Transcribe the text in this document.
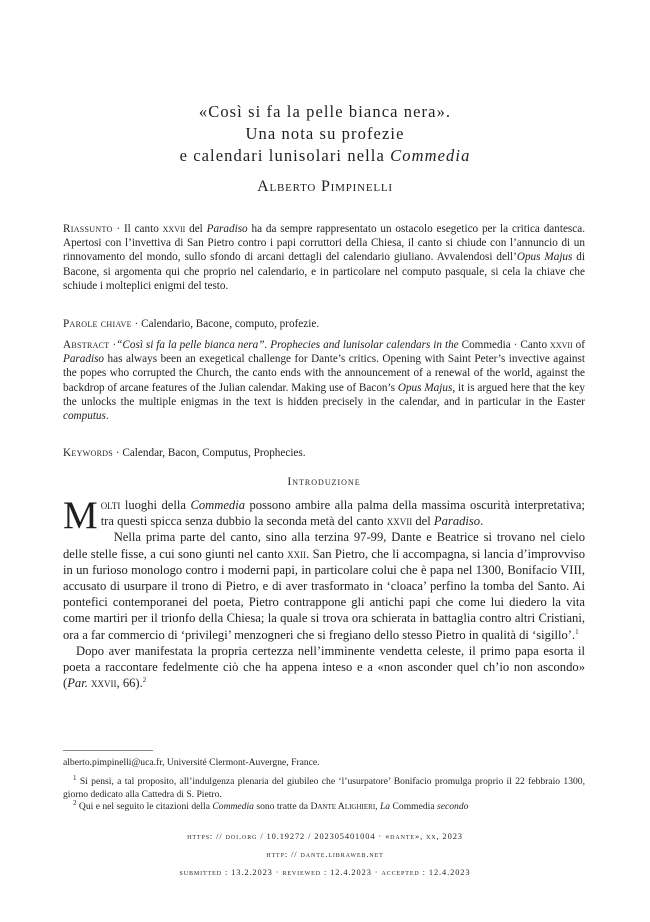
«Così si fa la pelle bianca nera».
Una nota su profezie
e calendari lunisolari nella Commedia
Alberto Pimpinelli

Riassunto · Il canto xxvii del Paradiso ha da sempre rappresentato un ostacolo esegetico per la critica dantesca. Apertosi con l’invettiva di San Pietro contro i papi corruttori della Chiesa, il canto si chiude con l’annuncio di un rinnovamento del mondo, sullo sfondo di arcani dettagli del calendario giuliano. Avvalendosi dell’Opus Majus di Bacone, si argomenta qui che proprio nel calendario, e in particolare nel computo pasquale, si cela la chiave che schiude i molteplici enigmi del testo.

Parole chiave · Calendario, Bacone, computo, profezie.

Abstract ·“Così si fa la pelle bianca nera”. Prophecies and lunisolar calendars in the Commedia · Canto xxvii of Paradiso has always been an exegetical challenge for Dante’s critics. Opening with Saint Peter’s invective against the popes who corrupted the Church, the canto ends with the announcement of a renewal of the world, against the backdrop of arcane features of the Julian calendar. Making use of Bacon’s Opus Majus, it is argued here that the key the unlocks the multiple enigmas in the text is hidden precisely in the calendar, and in particular in the Easter computus.

Keywords · Calendar, Bacon, Computus, Prophecies.

Introduzione

Molti luoghi della Commedia possono ambire alla palma della massima oscurità interpretativa; tra questi spicca senza dubbio la seconda metà del canto xxvii del Paradiso.

Nella prima parte del canto, sino alla terzina 97-99, Dante e Beatrice si trovano nel cielo delle stelle fisse, a cui sono giunti nel canto xxii. San Pietro, che li accompagna, si lancia d’improvviso in un furioso monologo contro i moderni papi, in particolare colui che è papa nel 1300, Bonifacio VIII, accusato di usurpare il trono di Pietro, e di aver trasformato in ‘cloaca’ perfino la tomba del Santo. Ai pontefici contemporanei del poeta, Pietro contrappone gli antichi papi che come lui diedero la vita come martiri per il trionfo della Chiesa; la quale si trova ora schierata in battaglia contro altri Cristiani, ora a far commercio di ‘privilegi’ menzogneri che si fregiano dello stesso Pietro in qualità di ‘sigillo’.$^1$

Dopo aver manifestata la propria certezza nell’imminente vendetta celeste, il primo papa esorta il poeta a raccontare fedelmente ciò che ha appena inteso e a «non asconder quel ch’io non ascondo» (Par. xxvii, 66).$^2$

alberto.pimpinelli@uca.fr, Université Clermont-Auvergne, France.

$^1$ Si pensi, a tal proposito, all’indulgenza plenaria del giubileo che ‘l’usurpatore’ Bonifacio promulga proprio il 22 febbraio 1300, giorno dedicato alla Cattedra di S. Pietro.

$^2$ Qui e nel seguito le citazioni della Commedia sono tratte da Dante Alighieri, La Commedia secondo

https: // doi.org / 10.19272 / 202305401004 · «dante», xx, 2023

http: // dante.libraweb.net

submitted : 13.2.2023 · reviewed : 12.4.2023 · accepted : 12.4.2023
